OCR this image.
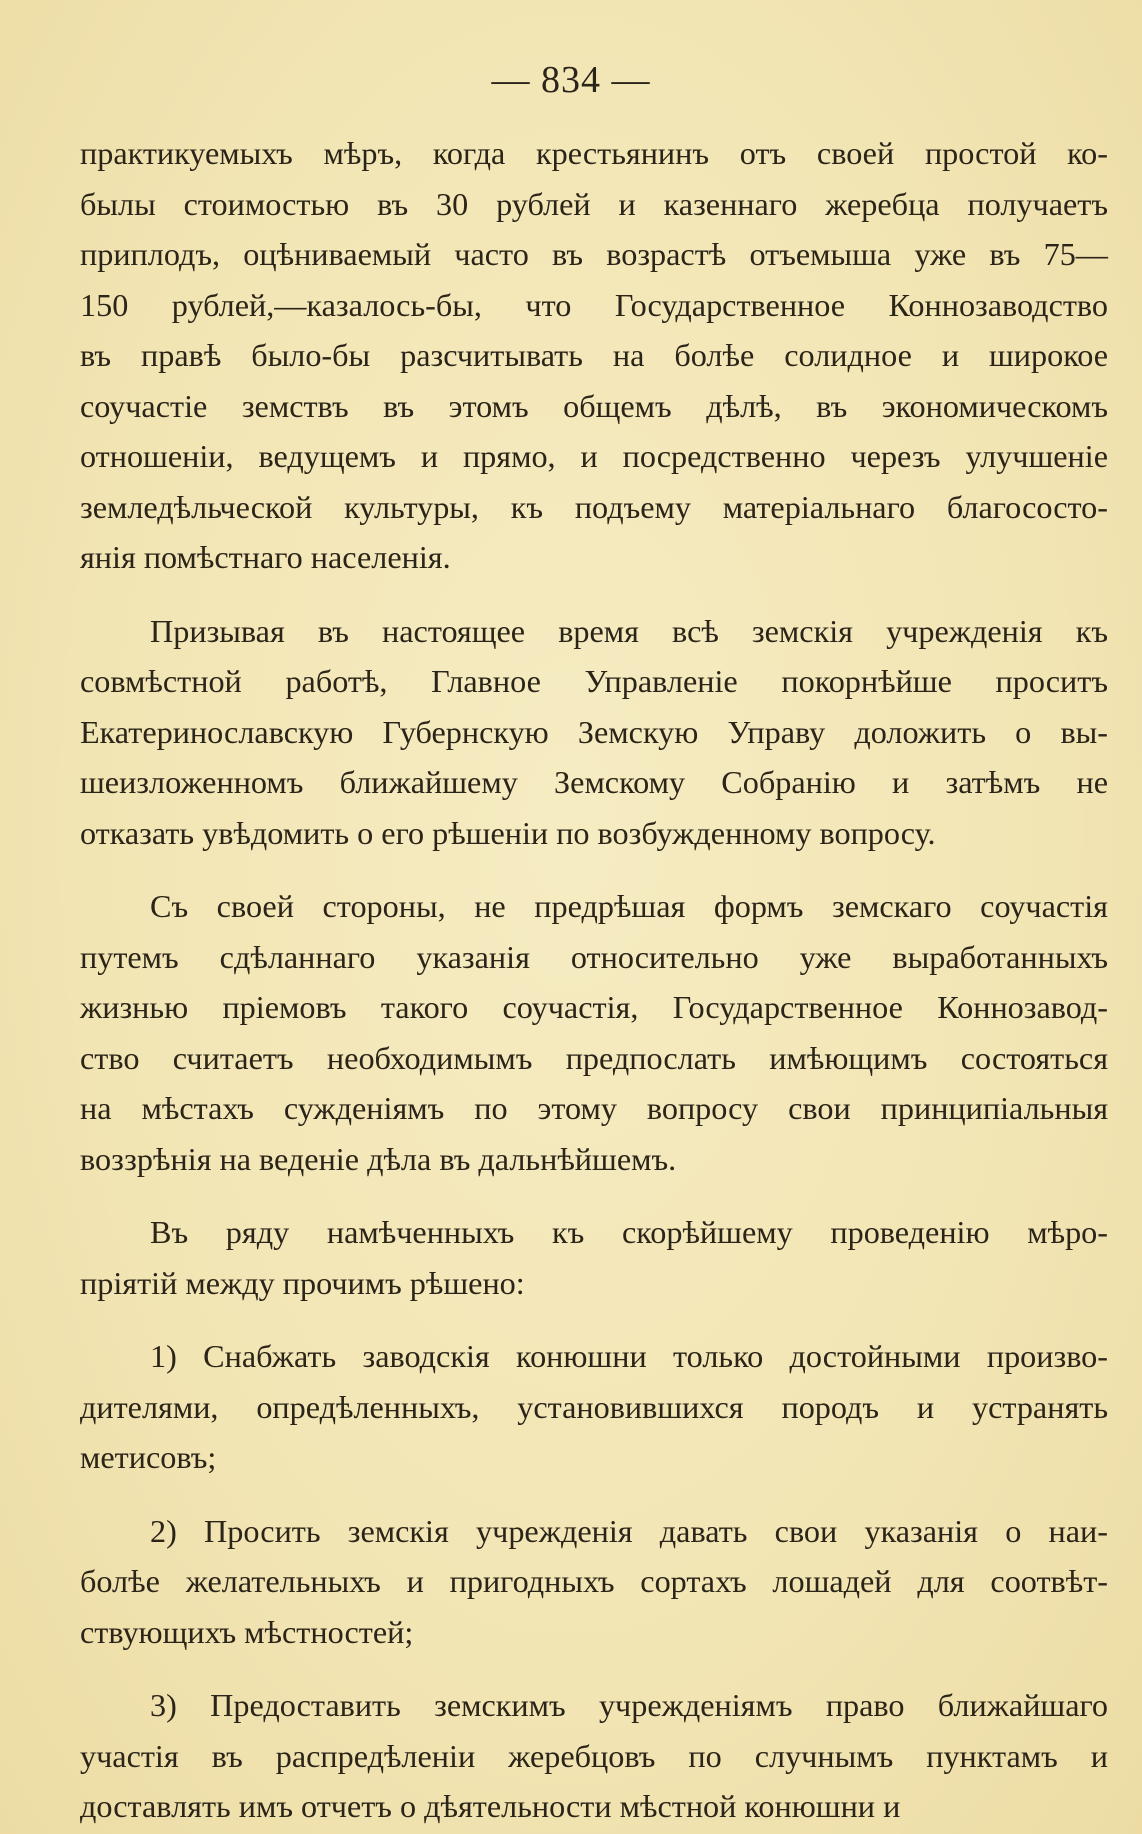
— 834 —
практикуемыхъ мѣръ, когда крестьянинъ отъ своей простой ко-
былы стоимостью въ 30 рублей и казеннаго жеребца получаетъ
приплодъ, оцѣниваемый часто въ возрастѣ отъемыша уже въ 75—
150 рублей,—казалось-бы, что Государственное Коннозаводство
въ правѣ было-бы разсчитывать на болѣе солидное и широкое
соучастіе земствъ въ этомъ общемъ дѣлѣ, въ экономическомъ
отношеніи, ведущемъ и прямо, и посредственно черезъ улучшеніе
земледѣльческой культуры, къ подъему матеріальнаго благососто-
янія помѣстнаго населенія.
Призывая въ настоящее время всѣ земскія учрежденія къ
совмѣстной работѣ, Главное Управленіе покорнѣйше проситъ
Екатеринославскую Губернскую Земскую Управу доложить о вы-
шеизложенномъ ближайшему Земскому Собранію и затѣмъ не
отказать увѣдомить о его рѣшеніи по возбужденному вопросу.
Съ своей стороны, не предрѣшая формъ земскаго соучастія
путемъ сдѣланнаго указанія относительно уже выработанныхъ
жизнью пріемовъ такого соучастія, Государственное Коннозавод-
ство считаетъ необходимымъ предпослать имѣющимъ состояться
на мѣстахъ сужденіямъ по этому вопросу свои принципіальныя
воззрѣнія на веденіе дѣла въ дальнѣйшемъ.
Въ ряду намѣченныхъ къ скорѣйшему проведенію мѣро-
пріятій между прочимъ рѣшено:
1) Снабжать заводскія конюшни только достойными произво-
дителями, опредѣленныхъ, установившихся породъ и устранять
метисовъ;
2) Просить земскія учрежденія давать свои указанія о наи-
болѣе желательныхъ и пригодныхъ сортахъ лошадей для соотвѣт-
ствующихъ мѣстностей;
3) Предоставить земскимъ учрежденіямъ право ближайшаго
участія въ распредѣленіи жеребцовъ по случнымъ пунктамъ и
доставлять имъ отчетъ о дѣятельности мѣстной конюшни и
